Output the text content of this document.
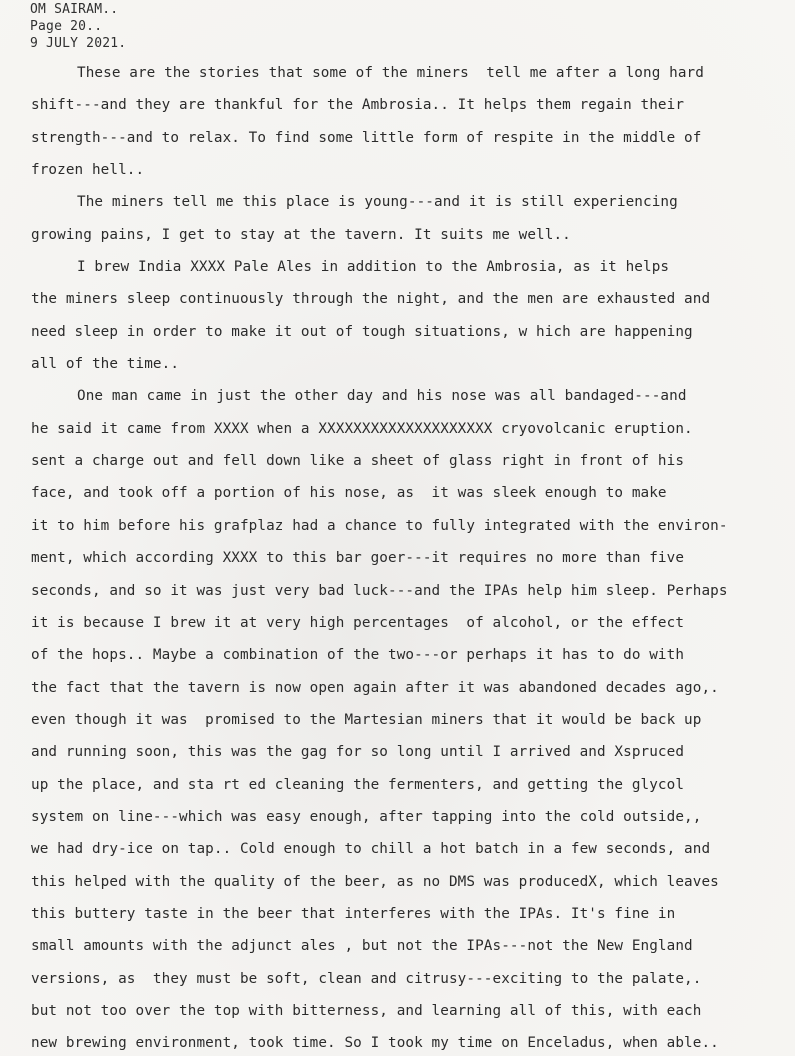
OM SAIRAM..
Page 20..
9 JULY 2021.
These are the stories that some of the miners  tell me after a long hard
shift---and they are thankful for the Ambrosia.. It helps them regain their
strength---and to relax. To find some little form of respite in the middle of
frozen hell..
The miners tell me this place is young---and it is still experiencing
growing pains, I get to stay at the tavern. It suits me well..
I brew India XXXX Pale Ales in addition to the Ambrosia, as it helps
the miners sleep continuously through the night, and the men are exhausted and
need sleep in order to make it out of tough situations, w hich are happening
all of the time..
One man came in just the other day and his nose was all bandaged---and
he said it came from XXXX when a XXXXXXXXXXXXXXXXXXXX cryovolcanic eruption.
sent a charge out and fell down like a sheet of glass right in front of his
face, and took off a portion of his nose, as  it was sleek enough to make
it to him before his grafplaz had a chance to fully integrated with the environ-
ment, which according XXXX to this bar goer---it requires no more than five
seconds, and so it was just very bad luck---and the IPAs help him sleep. Perhaps
it is because I brew it at very high percentages  of alcohol, or the effect
of the hops.. Maybe a combination of the two---or perhaps it has to do with
the fact that the tavern is now open again after it was abandoned decades ago,.
even though it was  promised to the Martesian miners that it would be back up
and running soon, this was the gag for so long until I arrived and Xspruced
up the place, and sta rt ed cleaning the fermenters, and getting the glycol
system on line---which was easy enough, after tapping into the cold outside,,
we had dry-ice on tap.. Cold enough to chill a hot batch in a few seconds, and
this helped with the quality of the beer, as no DMS was producedX, which leaves
this buttery taste in the beer that interferes with the IPAs. It's fine in
small amounts with the adjunct ales , but not the IPAs---not the New England
versions, as  they must be soft, clean and citrusy---exciting to the palate,.
but not too over the top with bitterness, and learning all of this, with each
new brewing environment, took time. So I took my time on Enceladus, when able..
